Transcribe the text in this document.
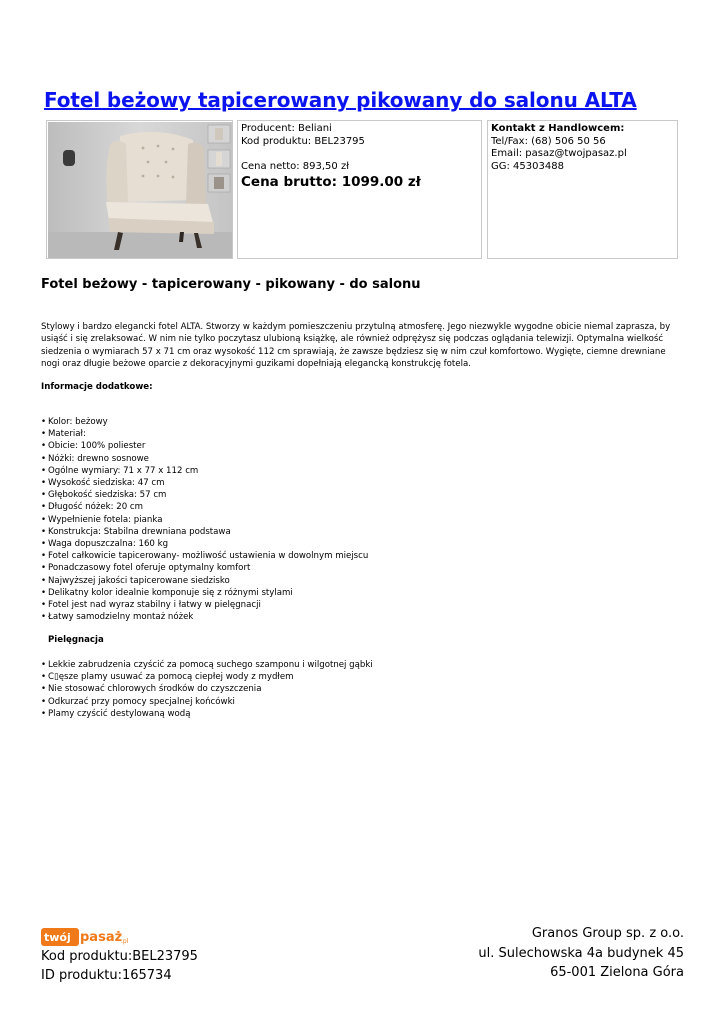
Fotel beżowy tapicerowany pikowany do salonu ALTA
Producent: Beliani
Kod produktu: BEL23795
Cena netto: 893,50 zł
Cena brutto: 1099.00 zł
Kontakt z Handlowcem:
Tel/Fax: (68) 506 50 56
Email: pasaz@twojpasaz.pl
GG: 45303488
Fotel beżowy - tapicerowany - pikowany - do salonu

Stylowy i bardzo elegancki fotel ALTA. Stworzy w każdym pomieszczeniu przytulną atmosferę. Jego niezwykle wygodne obicie niemal zaprasza, by usiąść i się zrelaksować. W nim nie tylko poczytasz ulubioną książkę, ale również odprężysz się podczas oglądania telewizji. Optymalna wielkość siedzenia o wymiarach 57 x 71 cm oraz wysokość 112 cm sprawiają, że zawsze będziesz się w nim czuł komfortowo. Wygięte, ciemne drewniane nogi oraz długie beżowe oparcie z dekoracyjnymi guzikami dopełniają elegancką konstrukcję fotela.

Informacje dodatkowe:
• Kolor: beżowy
• Materiał:
• Obicie: 100% poliester
• Nóżki: drewno sosnowe
• Ogólne wymiary: 71 x 77 x 112 cm
• Wysokość siedziska: 47 cm
• Głębokość siedziska: 57 cm
• Długość nóżek: 20 cm
• Wypełnienie fotela: pianka
• Konstrukcja: Stabilna drewniana podstawa
• Waga dopuszczalna: 160 kg
• Fotel całkowicie tapicerowany- możliwość ustawienia w dowolnym miejscu
• Ponadczasowy fotel oferuje optymalny komfort
• Najwyższej jakości tapicerowane siedzisko
• Delikatny kolor idealnie komponuje się z różnymi stylami
• Fotel jest nad wyraz stabilny i łatwy w pielęgnacji
• Łatwy samodzielny montaż nóżek
Pielęgnacja
• Lekkie zabrudzenia czyścić za pomocą suchego szamponu i wilgotnej gąbki
• C▯ęsze plamy usuwać za pomocą ciepłej wody z mydłem
• Nie stosować chlorowych środków do czyszczenia
• Odkurzać przy pomocy specjalnej końcówki
• Plamy czyścić destylowaną wodą
twój pasaż
.pl
Kod produktu:BEL23795
ID produktu:165734
Granos Group sp. z o.o.
ul. Sulechowska 4a budynek 45
65-001 Zielona Góra
